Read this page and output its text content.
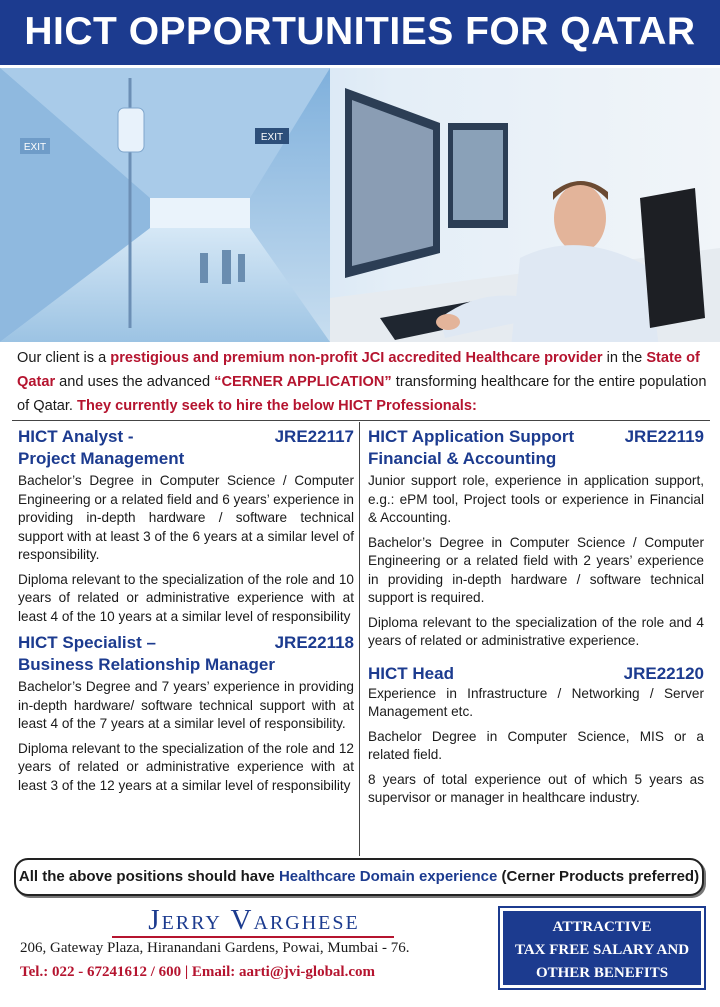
HICT OPPORTUNITIES FOR QATAR
EXIT
EXIT
Our client is a prestigious and premium non-profit JCI accredited Healthcare provider in the State of Qatar and uses the advanced “CERNER APPLICATION” transforming healthcare for the entire population of Qatar. They currently seek to hire the below HICT Professionals:
HICT Analyst -	JRE22117
Project Management
Bachelor’s Degree in Computer Science / Computer Engineering or a related field and 6 years’ experience in providing in-depth hardware / software technical support with at least 3 of the 6 years at a similar level of responsibility.
Diploma relevant to the specialization of the role and 10 years of related or administrative experience with at least 4 of the 10 years at a similar level of responsibility
HICT Specialist –	JRE22118
Business Relationship Manager
Bachelor’s Degree and 7 years’ experience in providing in-depth hardware/ software technical support with at least 4 of the 7 years at a similar level of responsibility.
Diploma relevant to the specialization of the role and 12 years of related or administrative experience with at least 3 of the 12 years at a similar level of responsibility
HICT Application Support	JRE22119
Financial & Accounting
Junior support role, experience in application support, e.g.: ePM tool, Project tools or experience in Financial & Accounting.
Bachelor’s Degree in Computer Science / Computer Engineering or a related field with 2 years’ experience in providing in-depth hardware / software technical support is required.
Diploma relevant to the specialization of the role and 4 years of related or administrative experience.
HICT Head	JRE22120
Experience in Infrastructure / Networking / Server Management etc.
Bachelor Degree in Computer Science, MIS or a related field.
8 years of total experience out of which 5 years as supervisor or manager in healthcare industry.
All the above positions should have Healthcare Domain experience (Cerner Products preferred)
Jerry Varghese
206, Gateway Plaza, Hiranandani Gardens, Powai, Mumbai - 76.
Tel.: 022 - 67241612 / 600 | Email: aarti@jvi-global.com
ATTRACTIVE
TAX FREE SALARY AND
OTHER BENEFITS
